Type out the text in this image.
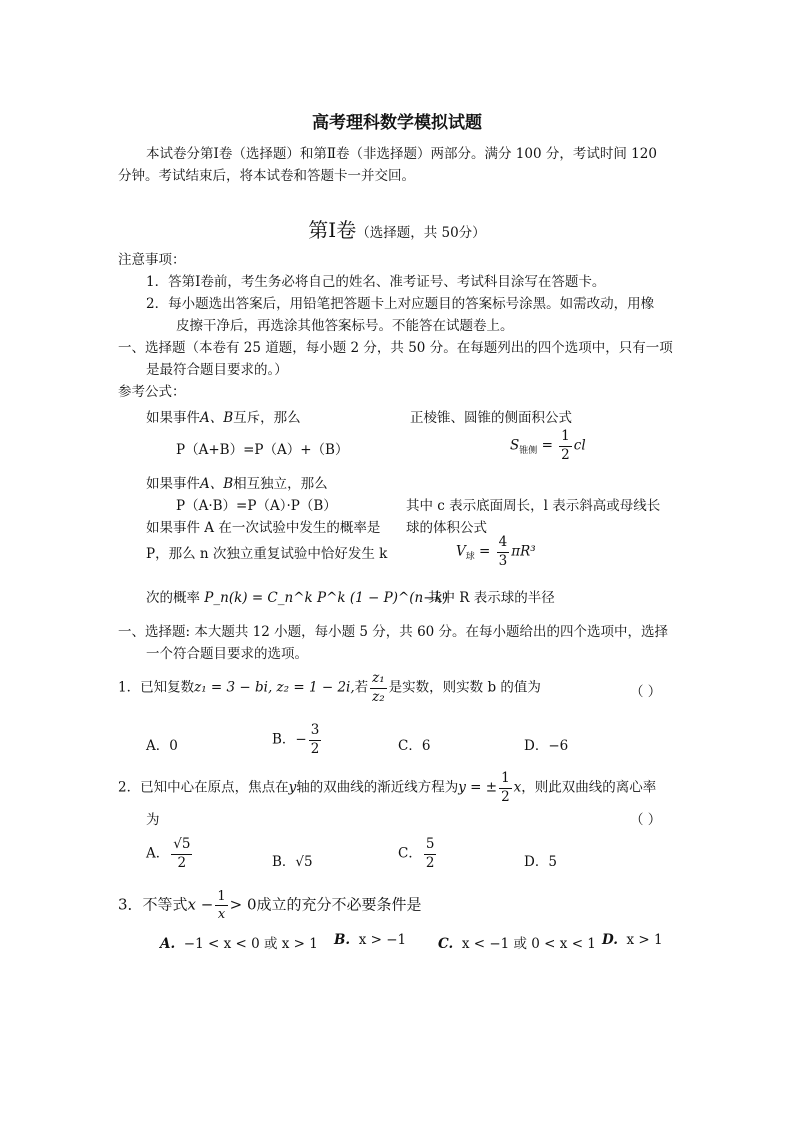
高考理科数学模拟试题
本试卷分第Ⅰ卷（选择题）和第Ⅱ卷（非选择题）两部分。满分 100 分，考试时间 120
分钟。考试结束后，将本试卷和答题卡一并交回。
第Ⅰ卷（选择题，共 50分）
注意事项：
1．答第Ⅰ卷前，考生务必将自己的姓名、准考证号、考试科目涂写在答题卡。
2．每小题选出答案后，用铅笔把答题卡上对应题目的答案标号涂黑。如需改动，用橡
皮擦干净后，再选涂其他答案标号。不能答在试题卷上。
一、选择题（本卷有 25 道题，每小题 2 分，共 50 分。在每题列出的四个选项中，只有一项
是最符合题目要求的。）
参考公式：
如果事件A、B互斥，那么	正棱锥、圆锥的侧面积公式
P（A+B）=P（A）+（B）	$S_{锥侧} = \frac{1}{2}$ cl
如果事件A、B相互独立，那么
P（A·B）=P（A）·P（B）	其中 c 表示底面周长，l 表示斜高或母线长
如果事件 A 在一次试验中发生的概率是 球的体积公式
P，那么 n 次独立重复试验中恰好发生 k	$V_球 = \frac{4}{3} \pi R^3$
次的概率 P_n(k) = C_n^k P^k (1 − P)^(n−k)
其中 R 表示球的半径
一、选择题: 本大题共 12 小题，每小题 5 分，共 60 分。在每小题给出的四个选项中，选择
一个符合题目要求的选项。
1．已知复数z₁ = 3 − bi, z₂ = 1 − 2i,若 $\frac{\text{z₁}}{\text{z₂}}$ 是实数，则实数 b 的值为	（ ）
A．0	B．− $\frac{3}{2}$	C．6	D．−6
2．已知中心在原点，焦点在y轴的双曲线的渐近线方程为y = ± $\frac{1}{2}$ x，则此双曲线的离心率
为	（ ）
A． $\frac{√5}{2}$	B．√5
C． $\frac{5}{2}$	D．5
3．不等式$x - \frac{1}{x} > 0$成立的充分不必要条件是
A. −1 < x < 0 或 x > 1 B. x > −1 C. x < −1 或 0 < x < 1 D. x > 1
